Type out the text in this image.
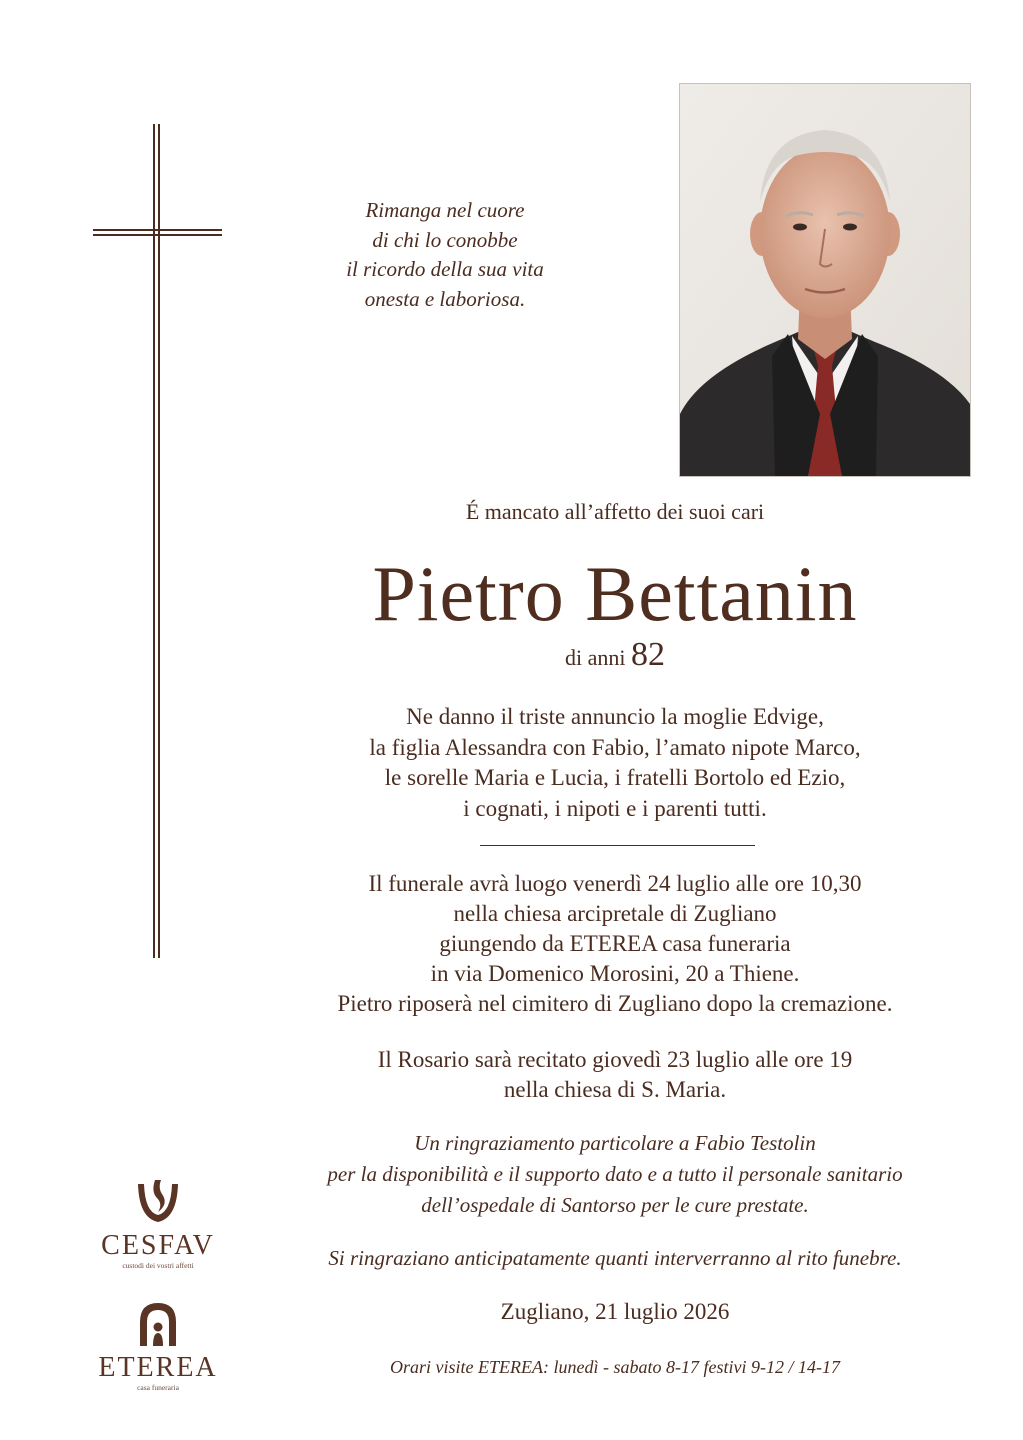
Rimanga nel cuore
di chi lo conobbe
il ricordo della sua vita
onesta e laboriosa.
É mancato all’affetto dei suoi cari
Pietro Bettanin
di anni 82
Ne danno il triste annuncio la moglie Edvige,
la figlia Alessandra con Fabio, l’amato nipote Marco,
le sorelle Maria e Lucia, i fratelli Bortolo ed Ezio,
i cognati, i nipoti e i parenti tutti.
Il funerale avrà luogo venerdì 24 luglio alle ore 10,30
nella chiesa arcipretale di Zugliano
giungendo da ETEREA casa funeraria
in via Domenico Morosini, 20 a Thiene.
Pietro riposerà nel cimitero di Zugliano dopo la cremazione.
Il Rosario sarà recitato giovedì 23 luglio alle ore 19
nella chiesa di S. Maria.
Un ringraziamento particolare a Fabio Testolin
per la disponibilità e il supporto dato e a tutto il personale sanitario
dell’ospedale di Santorso per le cure prestate.
Si ringraziano anticipatamente quanti interverranno al rito funebre.
Zugliano, 21 luglio 2026
Orari visite ETEREA: lunedì - sabato 8-17 festivi 9-12 / 14-17
CESFAV
custodi dei vostri affetti
ETEREA
casa funeraria
